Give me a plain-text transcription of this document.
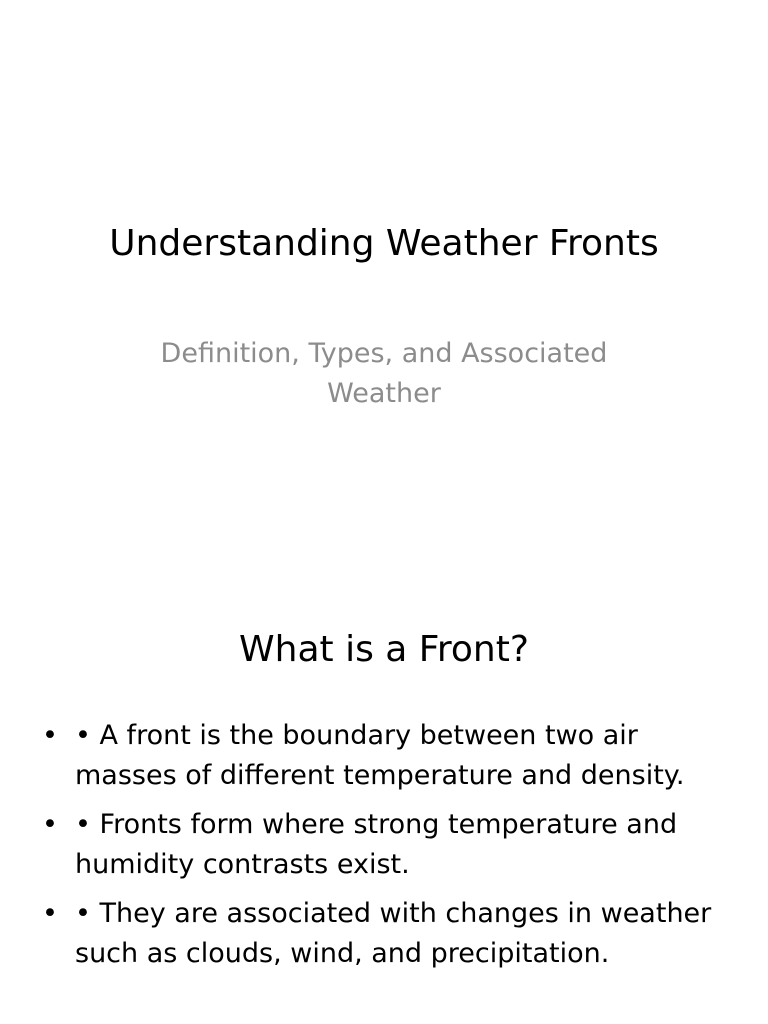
Understanding Weather Fronts

Definition, Types, and Associated Weather

What is a Front?
• • A front is the boundary between two air masses of different temperature and density.
• • Fronts form where strong temperature and humidity contrasts exist.
• • They are associated with changes in weather such as clouds, wind, and precipitation.
